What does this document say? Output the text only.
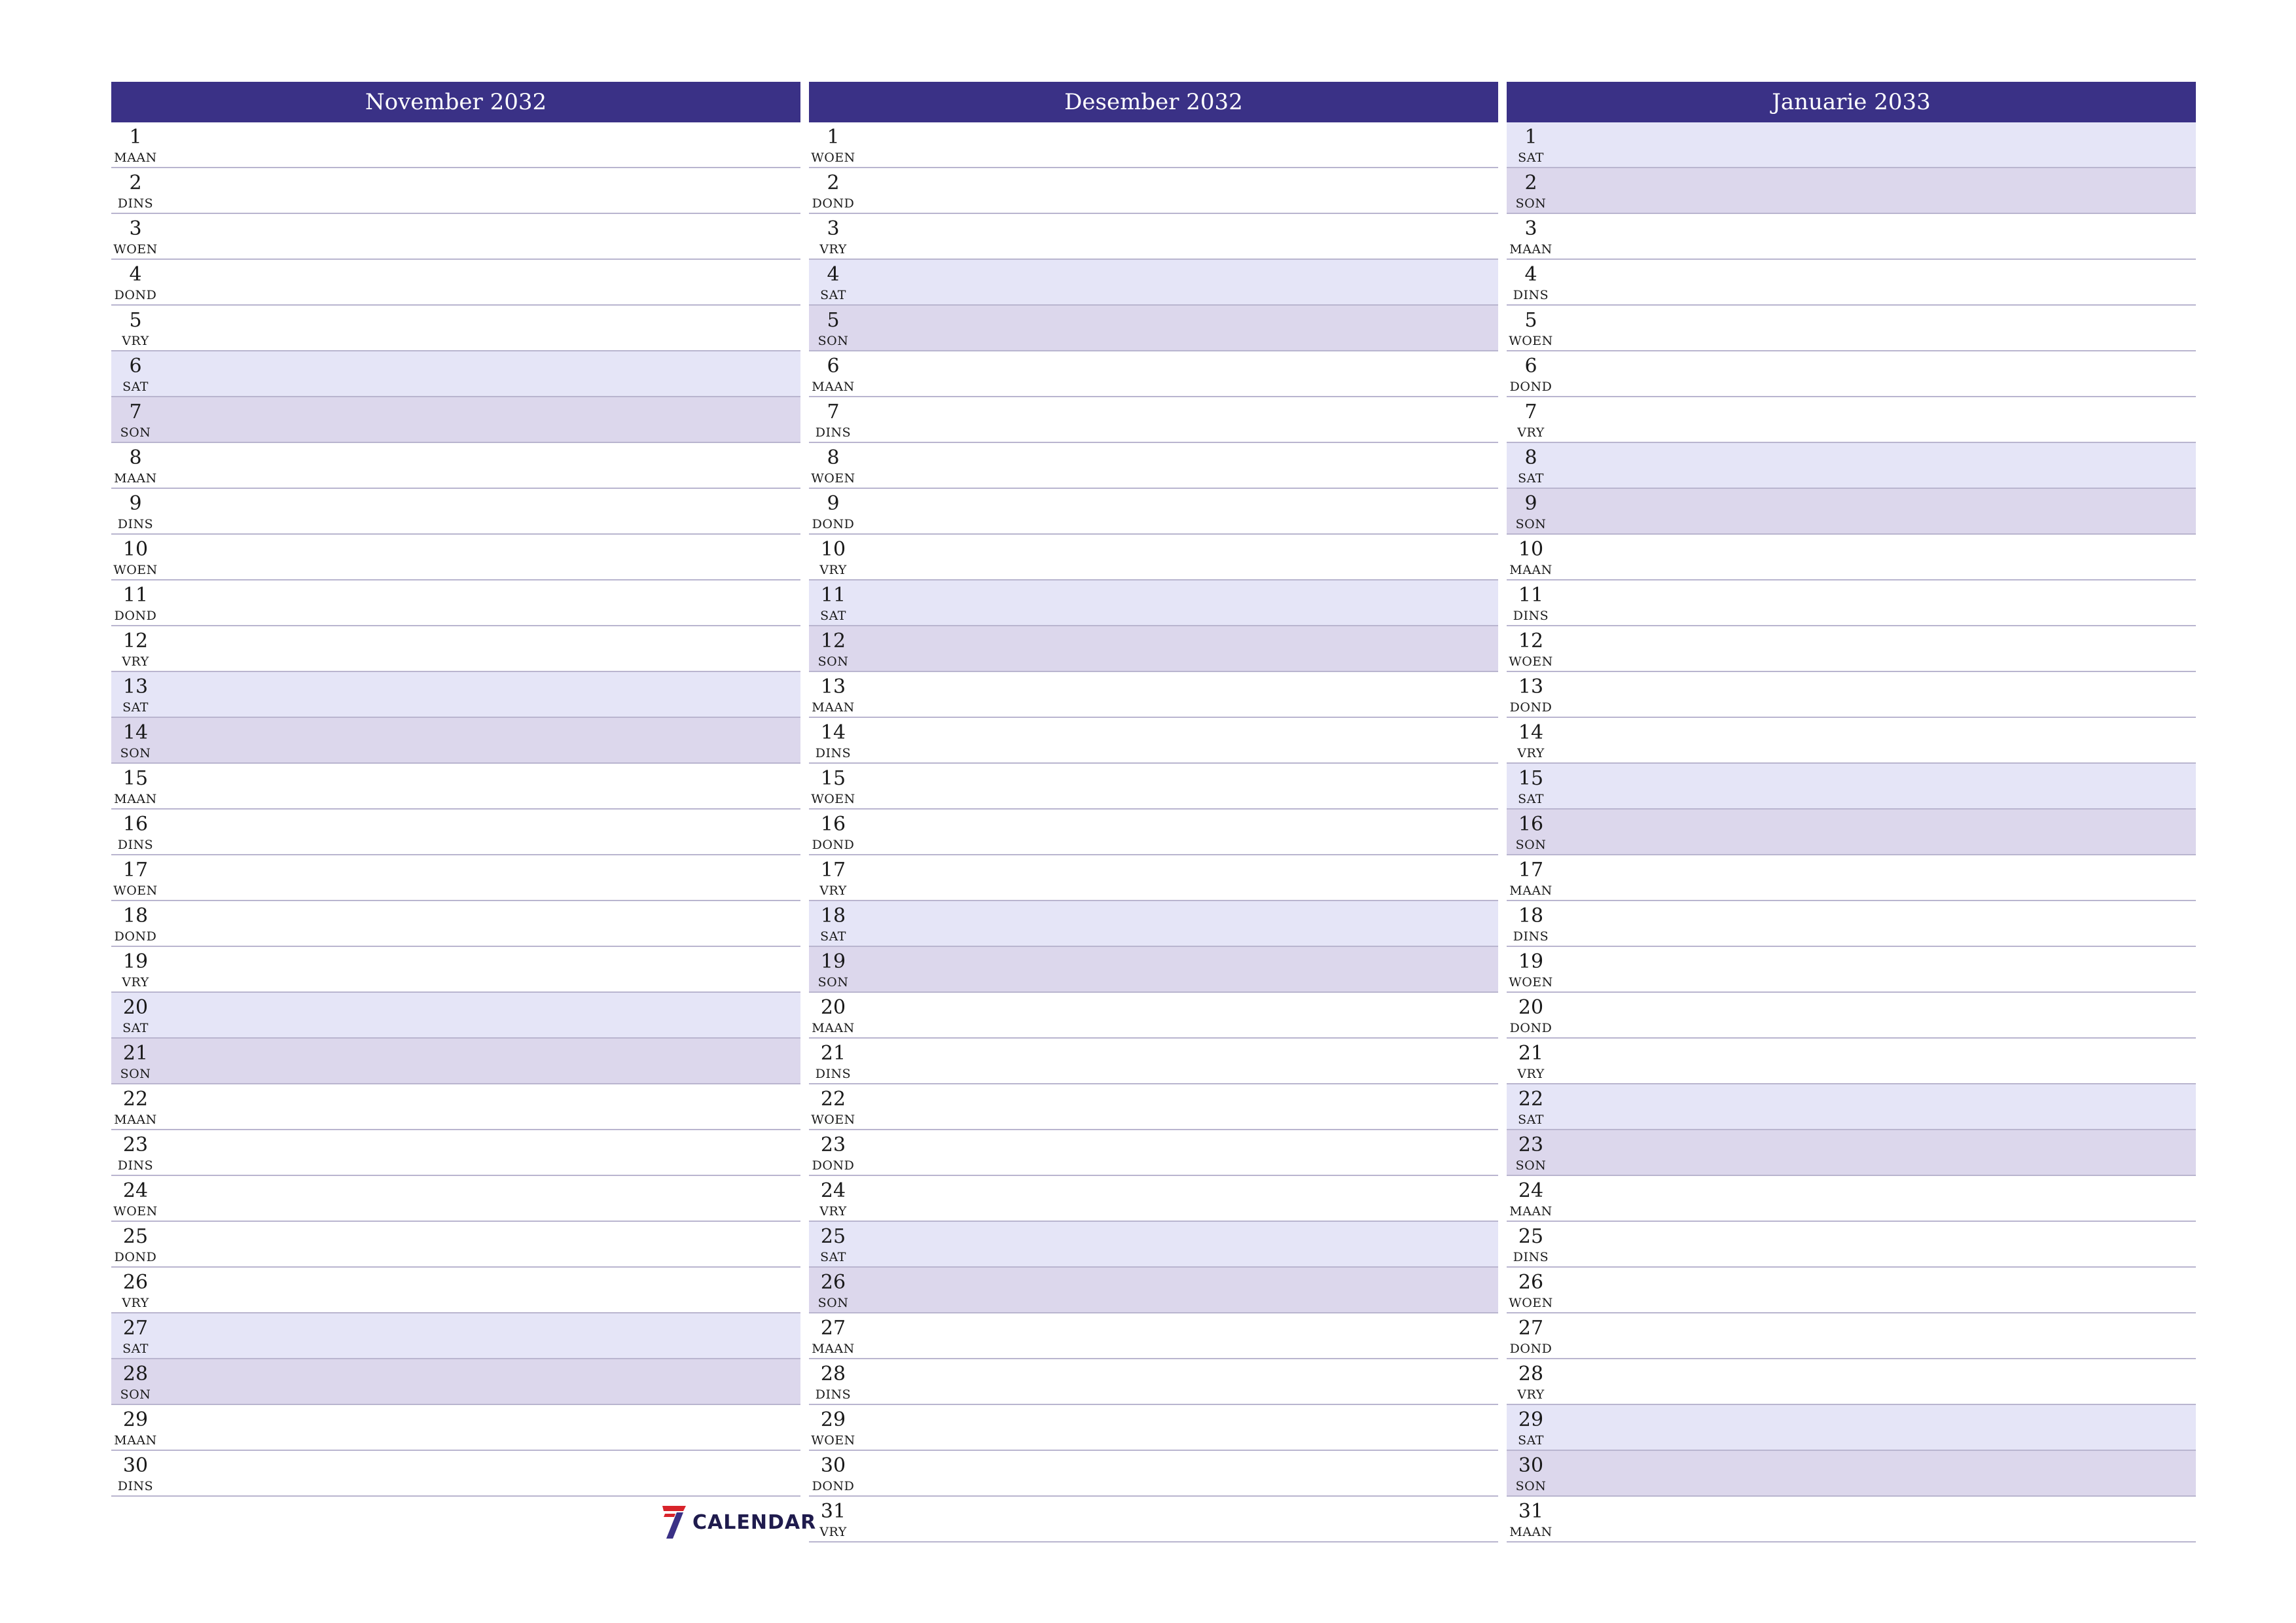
November 2032
1
MAAN
2
DINS
3
WOEN
4
DOND
5
VRY
6
SAT
7
SON
8
MAAN
9
DINS
10
WOEN
11
DOND
12
VRY
13
SAT
14
SON
15
MAAN
16
DINS
17
WOEN
18
DOND
19
VRY
20
SAT
21
SON
22
MAAN
23
DINS
24
WOEN
25
DOND
26
VRY
27
SAT
28
SON
29
MAAN
30
DINS
Desember 2032
1
WOEN
2
DOND
3
VRY
4
SAT
5
SON
6
MAAN
7
DINS
8
WOEN
9
DOND
10
VRY
11
SAT
12
SON
13
MAAN
14
DINS
15
WOEN
16
DOND
17
VRY
18
SAT
19
SON
20
MAAN
21
DINS
22
WOEN
23
DOND
24
VRY
25
SAT
26
SON
27
MAAN
28
DINS
29
WOEN
30
DOND
31
VRY
Januarie 2033
1
SAT
2
SON
3
MAAN
4
DINS
5
WOEN
6
DOND
7
VRY
8
SAT
9
SON
10
MAAN
11
DINS
12
WOEN
13
DOND
14
VRY
15
SAT
16
SON
17
MAAN
18
DINS
19
WOEN
20
DOND
21
VRY
22
SAT
23
SON
24
MAAN
25
DINS
26
WOEN
27
DOND
28
VRY
29
SAT
30
SON
31
MAAN
CALENDAR
